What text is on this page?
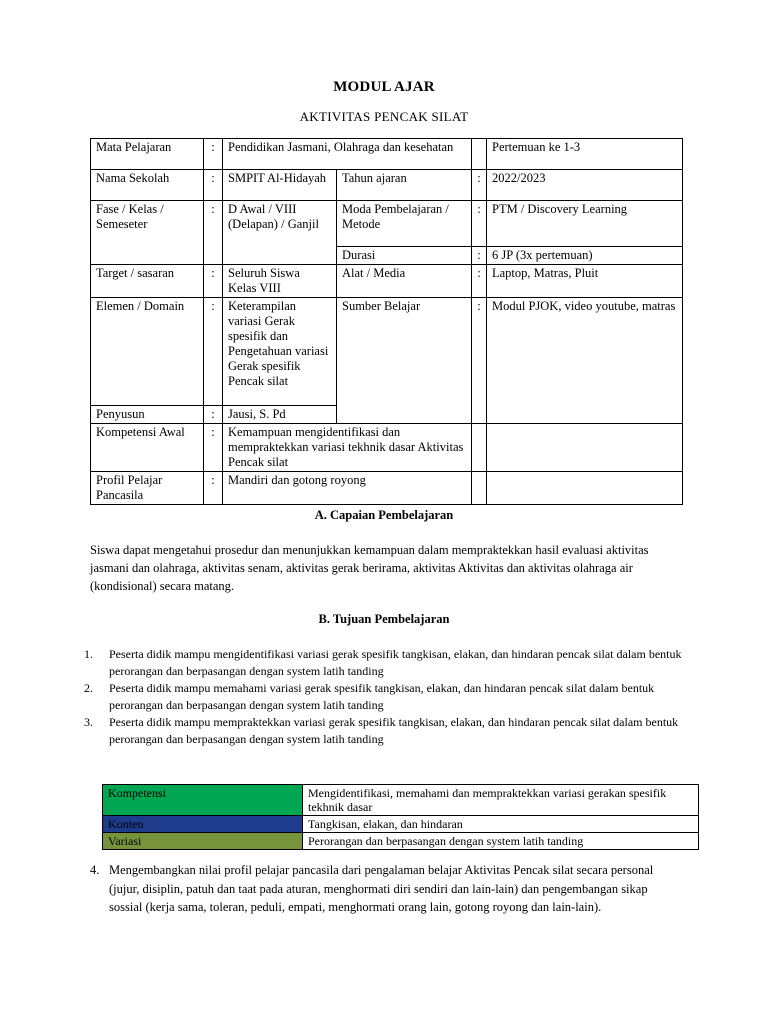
MODUL AJAR
AKTIVITAS PENCAK SILAT
Mata Pelajaran	:	Pendidikan Jasmani, Olahraga dan kesehatan			Pertemuan ke 1-3
Nama Sekolah	:	SMPIT Al-Hidayah	Tahun ajaran	:	2022/2023
Fase / Kelas / Semeseter	:	D Awal / VIII (Delapan) / Ganjil	Moda Pembelajaran / Metode	:	PTM / Discovery Learning
			Durasi	:	6 JP (3x pertemuan)
Target / sasaran	:	Seluruh Siswa Kelas VIII	Alat / Media	:	Laptop, Matras, Pluit
Elemen / Domain	:	Keterampilan variasi Gerak spesifik dan Pengetahuan variasi Gerak spesifik Pencak silat	Sumber Belajar	:	Modul PJOK, video youtube, matras
Penyusun	:	Jausi, S. Pd			
Kompetensi Awal	:	Kemampuan mengidentifikasi dan mempraktekkan variasi tekhnik dasar Aktivitas Pencak silat			
Profil Pelajar Pancasila	:	Mandiri dan gotong royong			
A. Capaian Pembelajaran
Siswa dapat mengetahui prosedur dan menunjukkan kemampuan dalam mempraktekkan hasil evaluasi aktivitas jasmani dan olahraga, aktivitas senam, aktivitas gerak berirama, aktivitas Aktivitas dan aktivitas olahraga air (kondisional) secara matang.
B. Tujuan Pembelajaran
1. Peserta didik mampu mengidentifikasi variasi gerak spesifik tangkisan, elakan, dan hindaran pencak silat dalam bentuk perorangan dan berpasangan dengan system latih tanding
2. Peserta didik mampu memahami variasi gerak spesifik tangkisan, elakan, dan hindaran pencak silat dalam bentuk perorangan dan berpasangan dengan system latih tanding
3. Peserta didik mampu mempraktekkan variasi gerak spesifik tangkisan, elakan, dan hindaran pencak silat dalam bentuk perorangan dan berpasangan dengan system latih tanding
Kompetensi	Mengidentifikasi, memahami dan mempraktekkan variasi gerakan spesifik tekhnik dasar
Konten	Tangkisan, elakan, dan hindaran
Variasi	Perorangan dan berpasangan dengan system latih tanding
4. Mengembangkan nilai profil pelajar pancasila dari pengalaman belajar Aktivitas Pencak silat secara personal (jujur, disiplin, patuh dan taat pada aturan, menghormati diri sendiri dan lain-lain) dan pengembangan sikap sossial (kerja sama, toleran, peduli, empati, menghormati orang lain, gotong royong dan lain-lain).
